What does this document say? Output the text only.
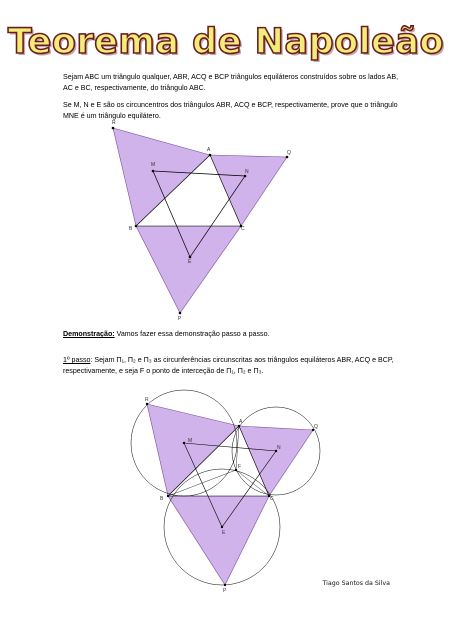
Teorema de Napoleão
Sejam ABC um triângulo qualquer, ABR, ACQ e BCP triângulos equiláteros construídos sobre os lados AB, AC e BC, respectivamente, do triângulo ABC.
Se M, N e E são os circuncentros dos triângulos ABR, ACQ e BCP, respectivamente, prove que o triângulo MNE é um triângulo equilátero.
R
A	Q
M
N
B	C
E
P
R
A
Q
M
N
F
B	C
E
P
Demonstração: Vamos fazer essa demonstração passo a passo.
1º passo: Sejam Π₁, Π₂ e Π₃ as circunferências circunscritas aos triângulos equiláteros ABR, ACQ e BCP, respectivamente, e seja F o ponto de interceção de Π₁, Π₂ e Π₃.
Tiago Santos da Silva
